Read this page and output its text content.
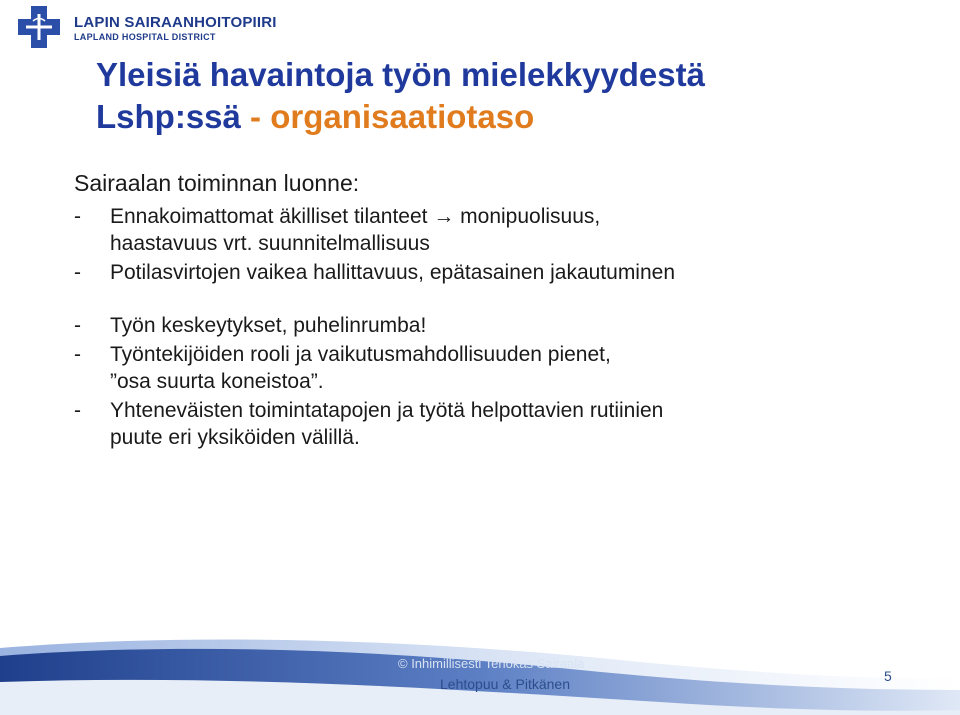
LAPIN SAIRAANHOITOPIIRI
LAPLAND HOSPITAL DISTRICT
Yleisiä havaintoja työn mielekkyydestä
Lshp:ssä - organisaatiotaso
Sairaalan toiminnan luonne:
- Ennakoimattomat äkilliset tilanteet → monipuolisuus,
haastavuus vrt. suunnitelmallisuus
- Potilasvirtojen vaikea hallittavuus, epätasainen jakautuminen
- Työn keskeytykset, puhelinrumba!
- Työntekijöiden rooli ja vaikutusmahdollisuuden pienet,
”osa suurta koneistoa”.
- Yhteneväisten toimintatapojen ja työtä helpottavien rutiinien
puute eri yksiköiden välillä.
© Inhimillisesti Tehokas Sairaala
Lehtopuu & Pitkänen	5
